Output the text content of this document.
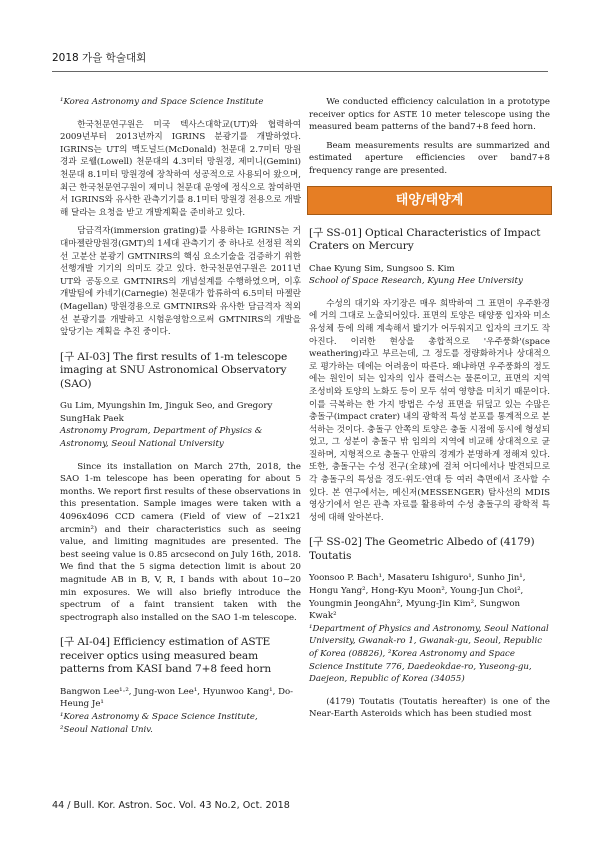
2018 가을 학술대회
¹Korea Astronomy and Space Science Institute

한국천문연구원은 미국 텍사스대학교(UT)와 협력하여 2009년부터 2013년까지 IGRINS 분광기를 개발하였다. IGRINS는 UT의 맥도널드(McDonald) 천문대 2.7미터 망원경과 로웰(Lowell) 천문대의 4.3미터 망원경, 제미니(Gemini) 천문대 8.1미터 망원경에 장착하여 성공적으로 사용되어 왔으며, 최근 한국천문연구원이 제미니 천문대 운영에 정식으로 참여하면서 IGRINS와 유사한 관측기기를 8.1미터 망원경 전용으로 개발해 달라는 요청을 받고 개발계획을 준비하고 있다.

담금격자(immersion grating)를 사용하는 IGRINS는 거대마젤란망원경(GMT)의 1세대 관측기기 중 하나로 선정된 적외선 고분산 분광기 GMTNIRS의 핵심 요소기술을 검증하기 위한 선행개발 기기의 의미도 갖고 있다. 한국천문연구원은 2011년 UT와 공동으로 GMTNIRS의 개념설계를 수행하였으며, 이후 개발팀에 카네기(Carnegie) 천문대가 합류하여 6.5미터 마젤란(Magellan) 망원경용으로 GMTNIRS와 유사한 담금격자 적외선 분광기를 개발하고 시험운영함으로써 GMTNIRS의 개발을 앞당기는 계획을 추진 중이다.

[구 AI-03] The first results of 1-m telescope imaging at SNU Astronomical Observatory (SAO)
Gu Lim, Myungshin Im, Jinguk Seo, and Gregory SungHak Paek
Astronomy Program, Department of Physics & Astronomy, Seoul National University

Since its installation on March 27th, 2018, the SAO 1-m telescope has been operating for about 5 months. We report first results of these observations in this presentation. Sample images were taken with a 4096x4096 CCD camera (Field of view of ~21x21 arcmin²) and their characteristics such as seeing value, and limiting magnitudes are presented. The best seeing value is 0.85 arcsecond on July 16th, 2018. We find that the 5 sigma detection limit is about 20 magnitude AB in B, V, R, I bands with about 10~20 min exposures. We will also briefly introduce the spectrum of a faint transient taken with the spectrograph also installed on the SAO 1-m telescope.

[구 AI-04] Efficiency estimation of ASTE receiver optics using measured beam patterns from KASI band 7+8 feed horn
Bangwon Lee¹·², Jung-won Lee¹, Hyunwoo Kang¹, Do-Heung Je¹
¹Korea Astronomy & Space Science Institute,
²Seoul National Univ.

We conducted efficiency calculation in a prototype receiver optics for ASTE 10 meter telescope using the measured beam patterns of the band7+8 feed horn.

Beam measurements results are summarized and estimated aperture efficiencies over band7+8 frequency range are presented.

태양/태양계
[구 SS-01] Optical Characteristics of Impact Craters on Mercury
Chae Kyung Sim, Sungsoo S. Kim
School of Space Research, Kyung Hee University

수성의 대기와 자기장은 매우 희박하여 그 표면이 우주환경에 거의 그대로 노출되어있다. 표면의 토양은 태양풍 입자와 미소유성체 등에 의해 계속해서 밟기가 어두워지고 입자의 크기도 작아진다. 이러한 현상을 총합적으로 '우주풍화'(space weathering)라고 부르는데, 그 정도를 정량화하거나 상대적으로 평가하는 데에는 어려움이 따른다. 왜냐하면 우주풍화의 정도에는 원인이 되는 입자의 입사 플럭스는 물론이고, 표면의 지역 조성비와 토양의 노화도 등이 모두 섞여 영향을 미치기 때문이다. 이를 극복하는 한 가지 방법은 수성 표면을 뒤덮고 있는 수많은 충돌구(impact crater) 내의 광학적 특성 분포를 통계적으로 분석하는 것이다. 충돌구 안쪽의 토양은 충돌 시점에 동시에 형성되었고, 그 성분이 충돌구 밖 임의의 지역에 비교해 상대적으로 균질하며, 지형적으로 충돌구 안팎의 경계가 분명하게 정해져 있다. 또한, 충돌구는 수성 전구(全球)에 걸쳐 어디에서나 발견되므로 각 충돌구의 특성을 경도·위도·연대 등 여러 측면에서 조사할 수 있다. 본 연구에서는, 메신저(MESSENGER) 탐사선의 MDIS 영상기에서 얻은 관측 자료를 활용하여 수성 충돌구의 광학적 특성에 대해 알아본다.

[구 SS-02] The Geometric Albedo of (4179) Toutatis
Yoonsoo P. Bach¹, Masateru Ishiguro¹, Sunho Jin¹, Hongu Yang², Hong-Kyu Moon², Young-Jun Choi², Youngmin JeongAhn², Myung-Jin Kim², Sungwon Kwak²
¹Department of Physics and Astronomy, Seoul National University, Gwanak-ro 1, Gwanak-gu, Seoul, Republic of Korea (08826), ²Korea Astronomy and Space Science Institute 776, Daedeokdae-ro, Yuseong-gu, Daejeon, Republic of Korea (34055)

(4179) Toutatis (Toutatis hereafter) is one of the Near-Earth Asteroids which has been studied most

44 / Bull. Kor. Astron. Soc. Vol. 43 No.2, Oct. 2018
